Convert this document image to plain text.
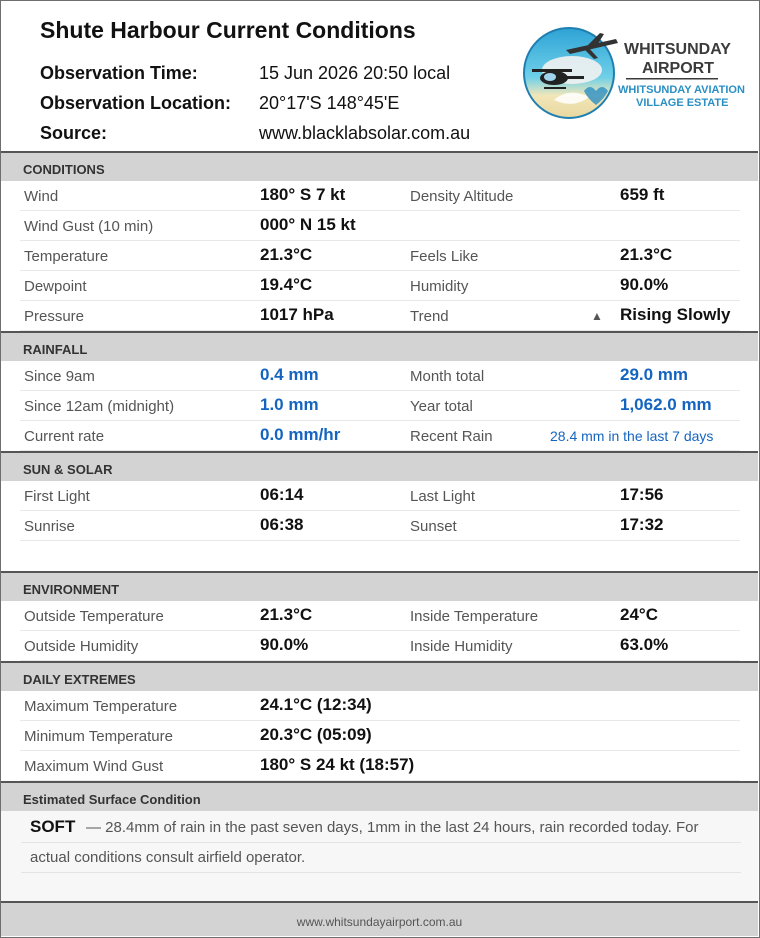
Shute Harbour Current Conditions
Observation Time:	15 Jun 2026 20:50 local
Observation Location: 20°17'S 148°45'E
Source:	www.blacklabsolar.com.au
WHITSUNDAY
AIRPORT
WHITSUNDAY AVIATION
VILLAGE ESTATE
CONDITIONS
Wind	180° S 7 kt	Density Altitude	659 ft
Wind Gust (10 min)	000° N 15 kt
Temperature	21.3°C	Feels Like	21.3°C
Dewpoint	19.4°C	Humidity	90.0%
Pressure	1017 hPa	Trend	▲ Rising Slowly
RAINFALL
Since 9am	0.4 mm	Month total	29.0 mm
Since 12am (midnight)	1.0 mm	Year total	1,062.0 mm
Current rate	0.0 mm/hr	Recent Rain	28.4 mm in the last 7 days
SUN & SOLAR
First Light	06:14	Last Light	17:56
Sunrise	06:38	Sunset	17:32
ENVIRONMENT
Outside Temperature	21.3°C	Inside Temperature	24°C
Outside Humidity	90.0%	Inside Humidity	63.0%
DAILY EXTREMES
Maximum Temperature	24.1°C (12:34)
Minimum Temperature	20.3°C (05:09)
Maximum Wind Gust	180° S 24 kt (18:57)
Estimated Surface Condition
SOFT — 28.4mm of rain in the past seven days, 1mm in the last 24 hours, rain recorded today. For
actual conditions consult airfield operator.
www.whitsundayairport.com.au
